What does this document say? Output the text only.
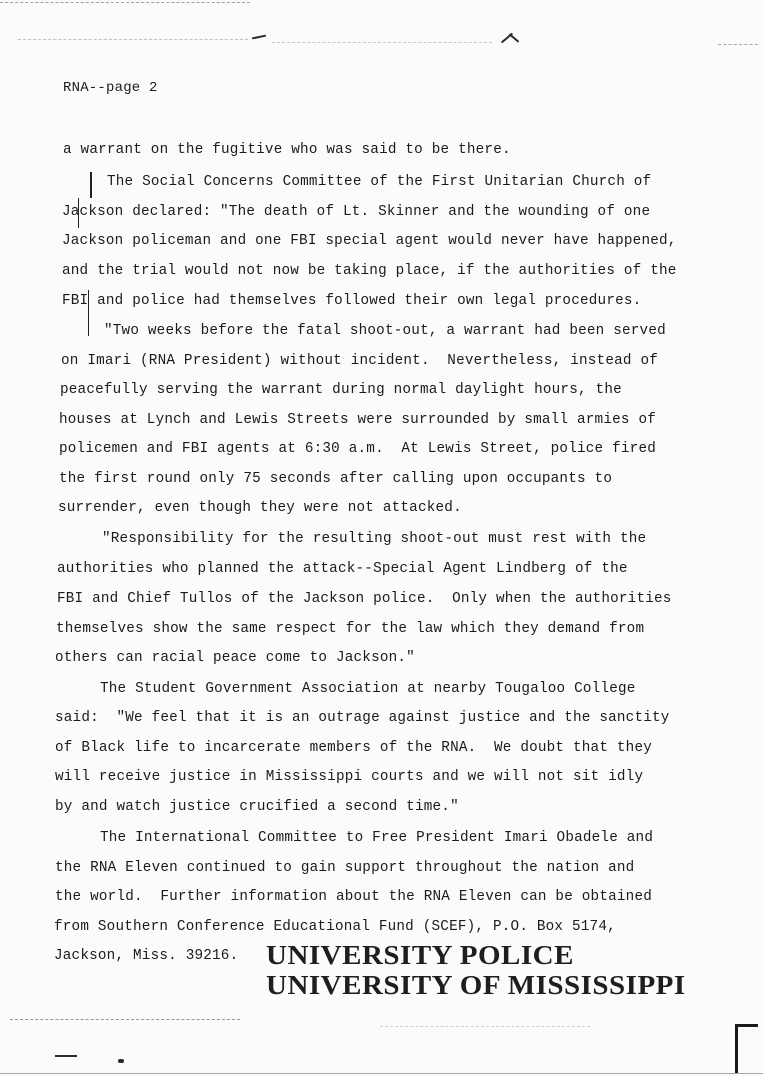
RNA--page 2
a warrant on the fugitive who was said to be there.
The Social Concerns Committee of the First Unitarian Church of
Jackson declared: "The death of Lt. Skinner and the wounding of one
Jackson policeman and one FBI special agent would never have happened,
and the trial would not now be taking place, if the authorities of the
FBI and police had themselves followed their own legal procedures.
"Two weeks before the fatal shoot-out, a warrant had been served
on Imari (RNA President) without incident.  Nevertheless, instead of
peacefully serving the warrant during normal daylight hours, the
houses at Lynch and Lewis Streets were surrounded by small armies of
policemen and FBI agents at 6:30 a.m.  At Lewis Street, police fired
the first round only 75 seconds after calling upon occupants to
surrender, even though they were not attacked.
"Responsibility for the resulting shoot-out must rest with the
authorities who planned the attack--Special Agent Lindberg of the
FBI and Chief Tullos of the Jackson police.  Only when the authorities
themselves show the same respect for the law which they demand from
others can racial peace come to Jackson."
The Student Government Association at nearby Tougaloo College
said:  "We feel that it is an outrage against justice and the sanctity
of Black life to incarcerate members of the RNA.  We doubt that they
will receive justice in Mississippi courts and we will not sit idly
by and watch justice crucified a second time."
The International Committee to Free President Imari Obadele and
the RNA Eleven continued to gain support throughout the nation and
the world.  Further information about the RNA Eleven can be obtained
from Southern Conference Educational Fund (SCEF), P.O. Box 5174,
Jackson, Miss. 39216. UNIVERSITY POLICE
UNIVERSITY OF MISSISSIPPI
